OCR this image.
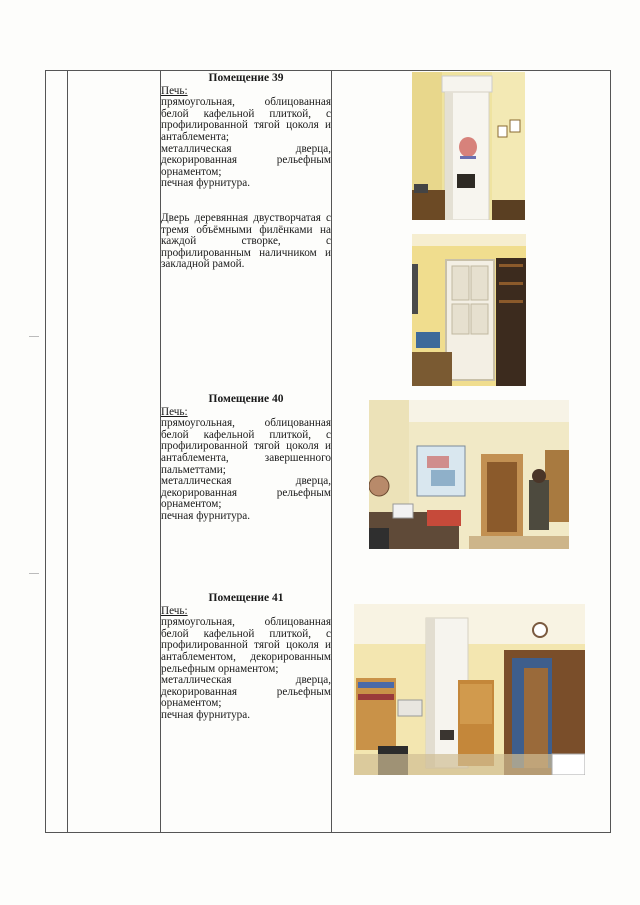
Помещение 39
Печь:
прямоугольная, облицованная белой кафельной плиткой, с профилированной тягой цоколя и антаблемента;
металлическая дверца, декорированная рельефным орнаментом;
печная фурнитура.
Дверь деревянная двустворчатая с тремя объёмными филёнками на каждой створке, с профилированным наличником и закладной рамой.
Помещение 40
Печь:
прямоугольная, облицованная белой кафельной плиткой, с профилированной тягой цоколя и антаблемента, завершенного пальметтами;
металлическая дверца, декорированная рельефным орнаментом;
печная фурнитура.
Помещение 41
Печь:
прямоугольная, облицованная белой кафельной плиткой, с профилированной тягой цоколя и антаблементом, декорированным рельефным орнаментом;
металлическая дверца, декорированная рельефным орнаментом;
печная фурнитура.
